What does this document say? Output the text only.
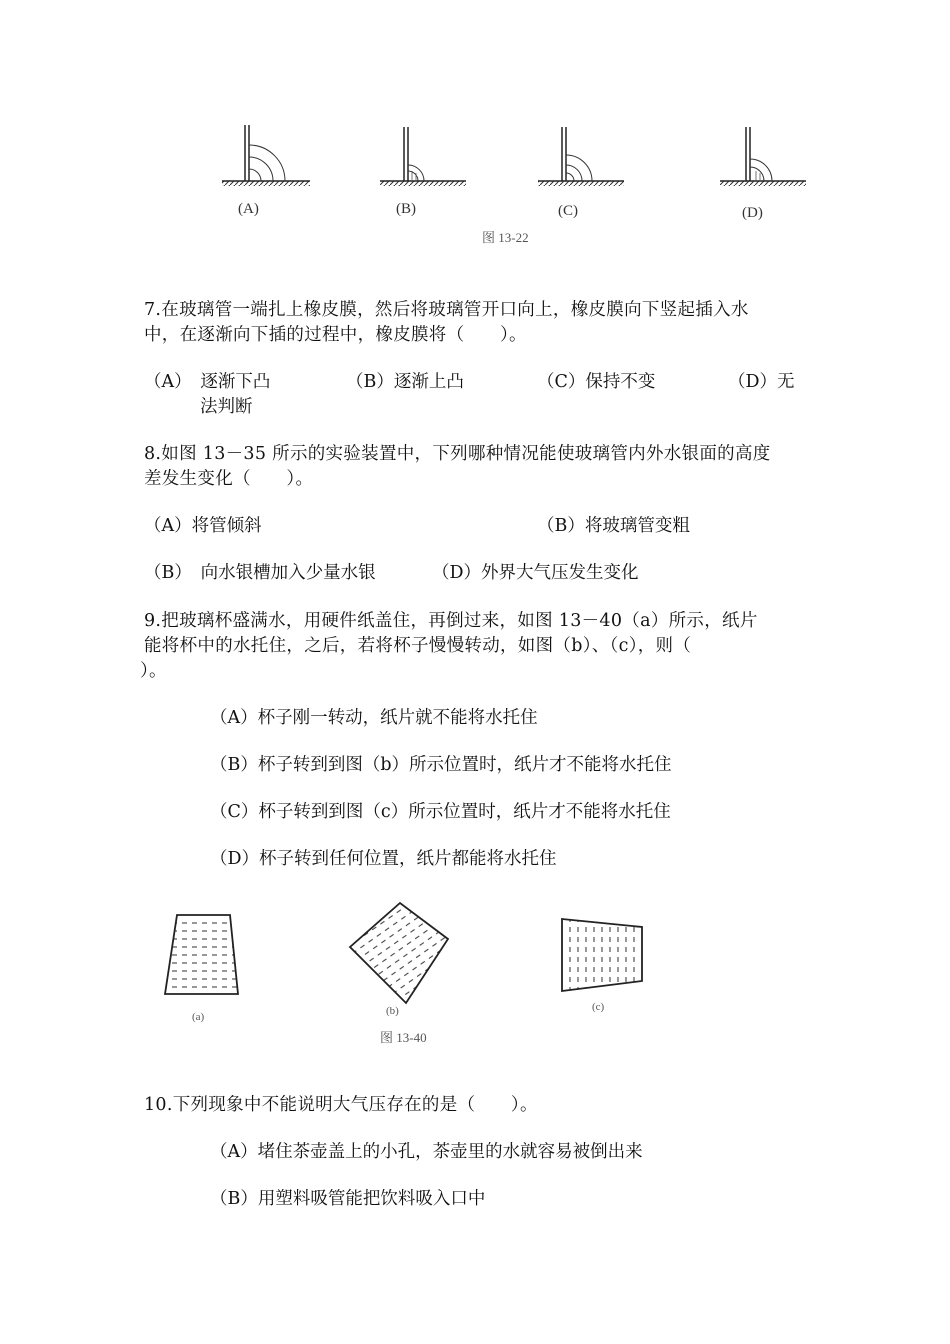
(A)	(B)	(C)	(D)
图 13-22
7.在玻璃管一端扎上橡皮膜，然后将玻璃管开口向上，橡皮膜向下竖起插入水
中，在逐渐向下插的过程中，橡皮膜将（　　）。
（A）　逐渐下凸	（B）逐渐上凸	（C）保持不变	（D）无
法判断
8.如图 13－35 所示的实验装置中，下列哪种情况能使玻璃管内外水银面的高度
差发生变化（　　）。
（A）将管倾斜	（B）将玻璃管变粗
（B）　向水银槽加入少量水银	（D）外界大气压发生变化
9.把玻璃杯盛满水，用硬件纸盖住，再倒过来，如图 13－40（a）所示，纸片
能将杯中的水托住，之后，若将杯子慢慢转动，如图（b）、（c），则（
）。
（A）杯子刚一转动，纸片就不能将水托住
（B）杯子转到到图（b）所示位置时，纸片才不能将水托住
（C）杯子转到到图（c）所示位置时，纸片才不能将水托住
（D）杯子转到任何位置，纸片都能将水托住
(a)	(b)	(c)
图 13-40
10.下列现象中不能说明大气压存在的是（　　）。
（A）堵住茶壶盖上的小孔，茶壶里的水就容易被倒出来
（B）用塑料吸管能把饮料吸入口中
